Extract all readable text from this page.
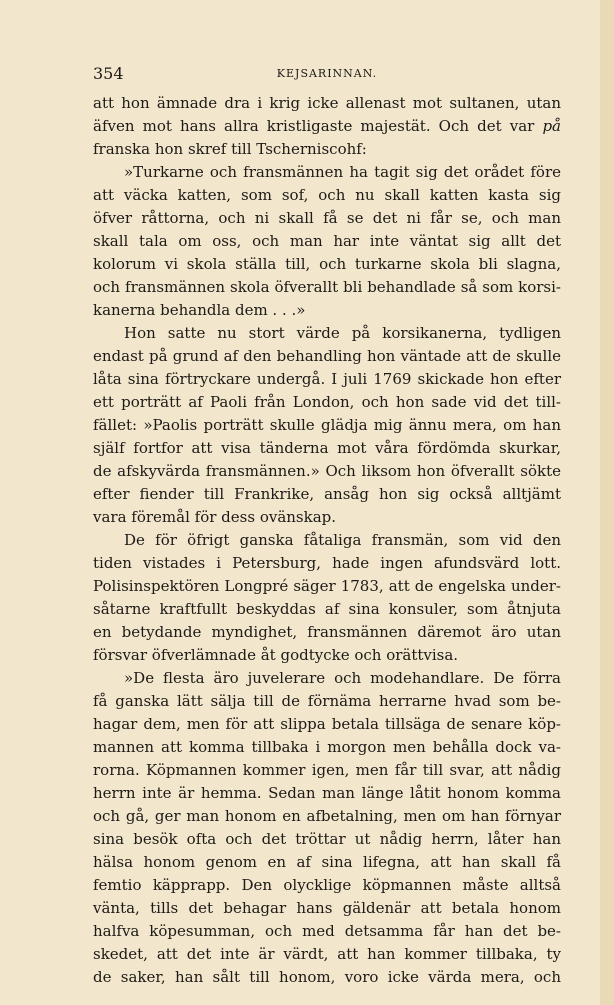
354	KEJSARINNAN.
att hon ämnade dra i krig icke allenast mot sultanen, utan
äfven mot hans allra kristligaste majestät. Och det var på
franska hon skref till Tscherniscohf:
»Turkarne och fransmännen ha tagit sig det orådet före
att väcka katten, som sof, och nu skall katten kasta sig
öfver råttorna, och ni skall få se det ni får se, och man
skall tala om oss, och man har inte väntat sig allt det
kolorum vi skola ställa till, och turkarne skola bli slagna,
och fransmännen skola öfverallt bli behandlade så som korsi-
kanerna behandla dem . . .»
Hon satte nu stort värde på korsikanerna, tydligen
endast på grund af den behandling hon väntade att de skulle
låta sina förtryckare undergå. I juli 1769 skickade hon efter
ett porträtt af Paoli från London, och hon sade vid det till-
fället: »Paolis porträtt skulle glädja mig ännu mera, om han
själf fortfor att visa tänderna mot våra fördömda skurkar,
de afskyvärda fransmännen.» Och liksom hon öfverallt sökte
efter fiender till Frankrike, ansåg hon sig också alltjämt
vara föremål för dess ovänskap.
De för öfrigt ganska fåtaliga fransmän, som vid den
tiden vistades i Petersburg, hade ingen afundsvärd lott.
Polisinspektören Longpré säger 1783, att de engelska under-
såtarne kraftfullt beskyddas af sina konsuler, som åtnjuta
en betydande myndighet, fransmännen däremot äro utan
försvar öfverlämnade åt godtycke och orättvisa.
»De flesta äro juvelerare och modehandlare. De förra
få ganska lätt sälja till de förnäma herrarne hvad som be-
hagar dem, men för att slippa betala tillsäga de senare köp-
mannen att komma tillbaka i morgon men behålla dock va-
rorna. Köpmannen kommer igen, men får till svar, att nådig
herrn inte är hemma. Sedan man länge låtit honom komma
och gå, ger man honom en afbetalning, men om han förnyar
sina besök ofta och det tröttar ut nådig herrn, låter han
hälsa honom genom en af sina lifegna, att han skall få
femtio käpprapp. Den olycklige köpmannen måste alltså
vänta, tills det behagar hans gäldenär att betala honom
halfva köpesumman, och med detsamma får han det be-
skedet, att det inte är värdt, att han kommer tillbaka, ty
de saker, han sålt till honom, voro icke värda mera, och
